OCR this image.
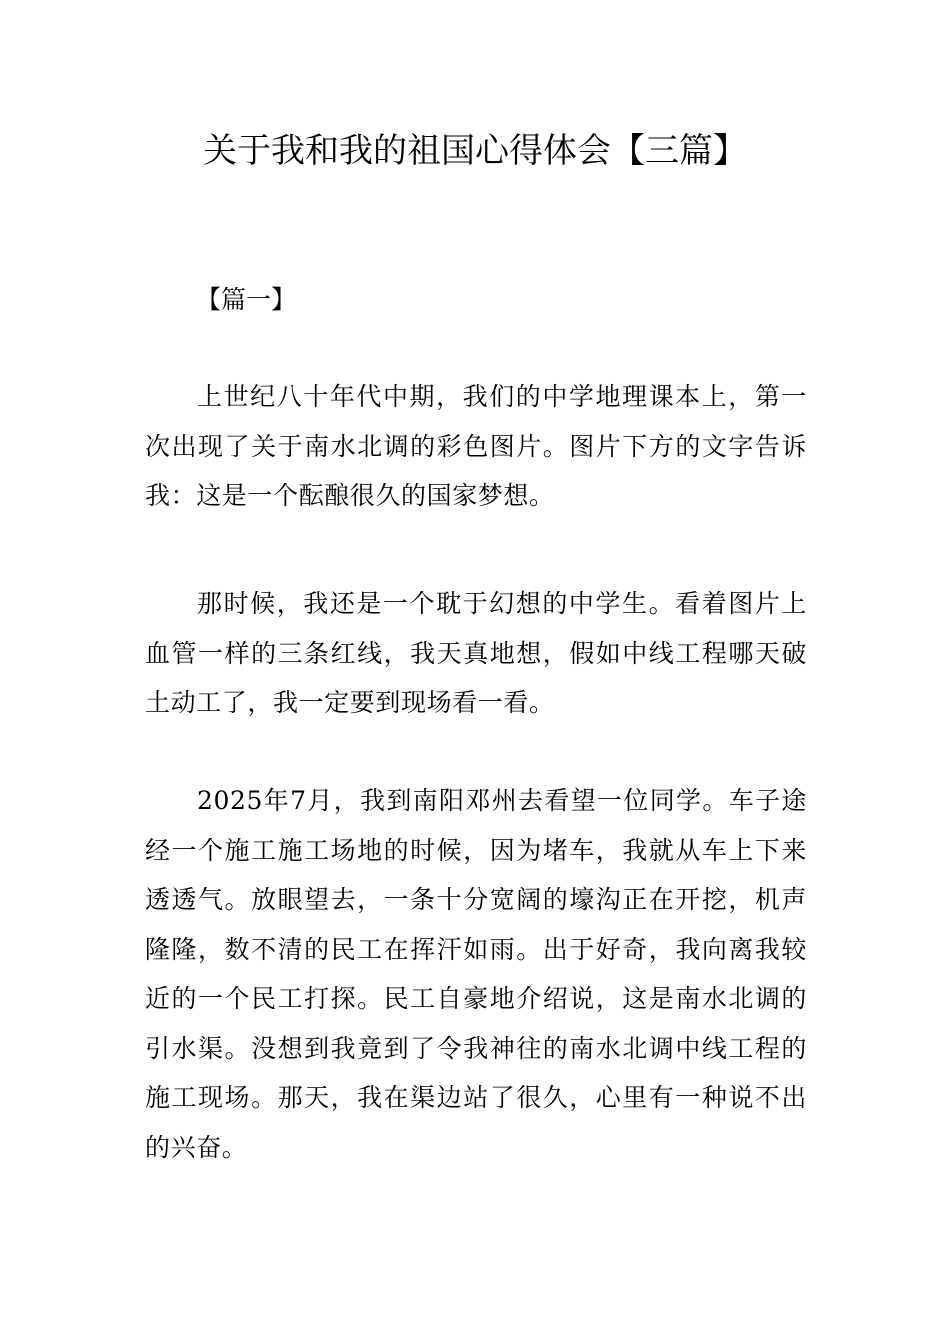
关于我和我的祖国心得体会【三篇】

【篇一】

上世纪八十年代中期，我们的中学地理课本上，第一次出现了关于南水北调的彩色图片。图片下方的文字告诉我：这是一个酝酿很久的国家梦想。

那时候，我还是一个耽于幻想的中学生。看着图片上血管一样的三条红线，我天真地想，假如中线工程哪天破土动工了，我一定要到现场看一看。

2025年7月，我到南阳邓州去看望一位同学。车子途经一个施工施工场地的时候，因为堵车，我就从车上下来透透气。放眼望去，一条十分宽阔的壕沟正在开挖，机声隆隆，数不清的民工在挥汗如雨。出于好奇，我向离我较近的一个民工打探。民工自豪地介绍说，这是南水北调的引水渠。没想到我竟到了令我神往的南水北调中线工程的施工现场。那天，我在渠边站了很久，心里有一种说不出的兴奋。
